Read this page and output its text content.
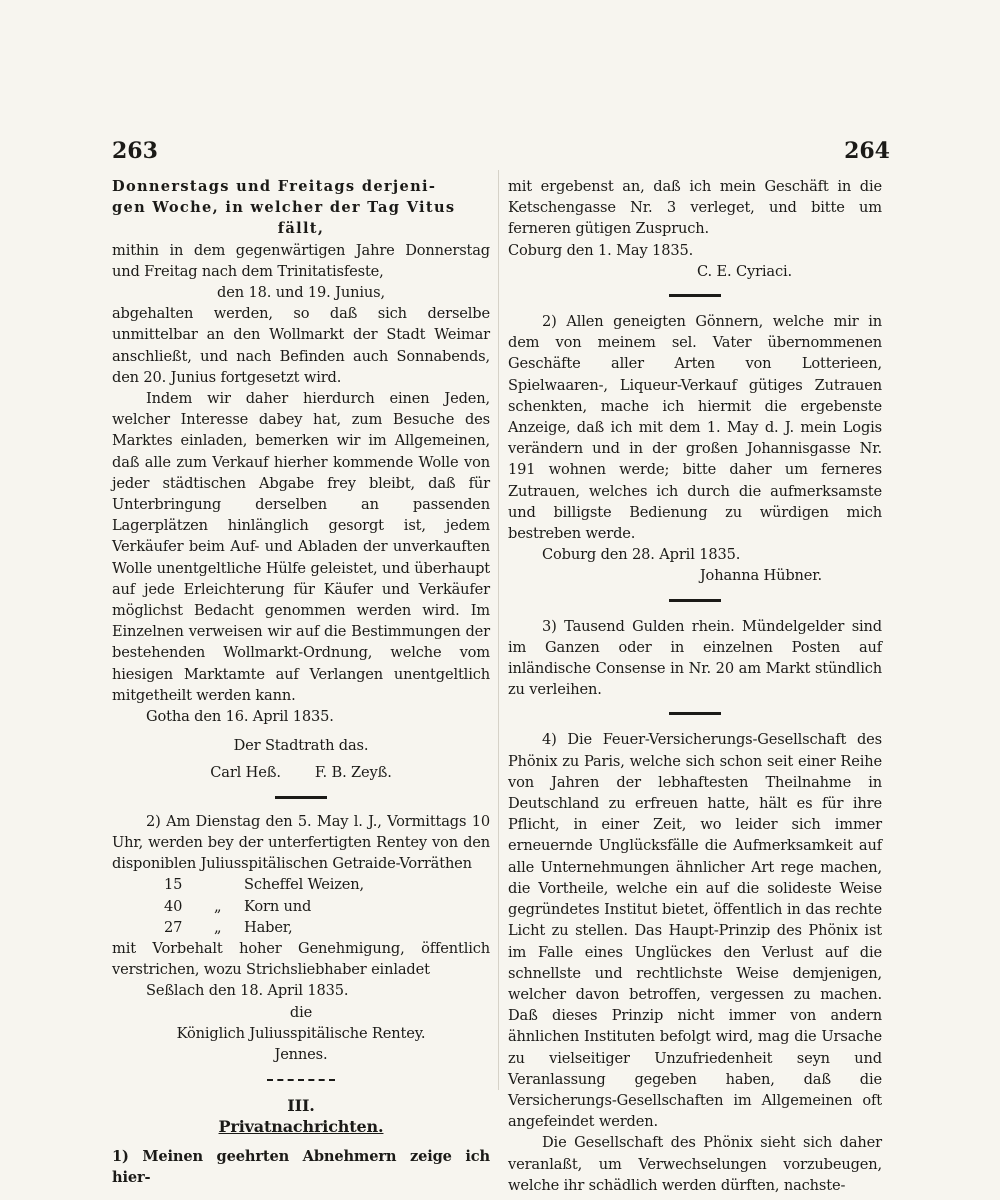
263	264

Donnerstags und Freitags derjeni-

gen Woche, in welcher der Tag Vitus

fällt,

mithin in dem gegenwärtigen Jahre Donnerstag und Freitag nach dem Trinitatisfeste,

den 18. und 19. Junius,

abgehalten werden, so daß sich derselbe unmittelbar an den Wollmarkt der Stadt Weimar anschließt, und nach Befinden auch Sonnabends, den 20. Junius fortgesetzt wird.

Indem wir daher hierdurch einen Jeden, welcher Interesse dabey hat, zum Besuche des Marktes einladen, bemerken wir im Allgemeinen, daß alle zum Verkauf hierher kommende Wolle von jeder städtischen Abgabe frey bleibt, daß für Unterbringung derselben an passenden Lagerplätzen hinlänglich gesorgt ist, jedem Verkäufer beim Auf- und Abladen der unverkauften Wolle unentgeltliche Hülfe geleistet, und überhaupt auf jede Erleichterung für Käufer und Verkäufer möglichst Bedacht genommen werden wird. Im Einzelnen verweisen wir auf die Bestimmungen der bestehenden Wollmarkt-Ordnung, welche vom hiesigen Marktamte auf Verlangen unentgeltlich mitgetheilt werden kann.

Gotha den 16. April 1835.

Der Stadtrath das.

Carl Heß. F. B. Zeyß.

2) Am Dienstag den 5. May l. J., Vormittags 10 Uhr, werden bey der unterfertigten Rentey von den disponiblen Juliusspitälischen Getraide-Vorräthen

15	Scheffel Weizen,
40	„	Korn und
27	„	Haber,

mit Vorbehalt hoher Genehmigung, öffentlich verstrichen, wozu Strichsliebhaber einladet

Seßlach den 18. April 1835.

die

Königlich Juliusspitälische Rentey.

Jennes.

III.

Privatnachrichten.

1) Meinen geehrten Abnehmern zeige ich hier-

mit ergebenst an, daß ich mein Geschäft in die Ketschengasse Nr. 3 verleget, und bitte um ferneren gütigen Zuspruch.

Coburg den 1. May 1835.

C. E. Cyriaci.

2) Allen geneigten Gönnern, welche mir in dem von meinem sel. Vater übernommenen Geschäfte aller Arten von Lotterieen, Spielwaaren-, Liqueur-Verkauf gütiges Zutrauen schenkten, mache ich hiermit die ergebenste Anzeige, daß ich mit dem 1. May d. J. mein Logis verändern und in der großen Johannisgasse Nr. 191 wohnen werde; bitte daher um ferneres Zutrauen, welches ich durch die aufmerksamste und billigste Bedienung zu würdigen mich bestreben werde.

Coburg den 28. April 1835.

Johanna Hübner.

3) Tausend Gulden rhein. Mündelgelder sind im Ganzen oder in einzelnen Posten auf inländische Consense in Nr. 20 am Markt stündlich zu verleihen.

4) Die Feuer-Versicherungs-Gesellschaft des Phönix zu Paris, welche sich schon seit einer Reihe von Jahren der lebhaftesten Theilnahme in Deutschland zu erfreuen hatte, hält es für ihre Pflicht, in einer Zeit, wo leider sich immer erneuernde Unglücksfälle die Aufmerksamkeit auf alle Unternehmungen ähnlicher Art rege machen, die Vortheile, welche ein auf die solideste Weise gegründetes Institut bietet, öffentlich in das rechte Licht zu stellen. Das Haupt-Prinzip des Phönix ist im Falle eines Unglückes den Verlust auf die schnellste und rechtlichste Weise demjenigen, welcher davon betroffen, vergessen zu machen. Daß dieses Prinzip nicht immer von andern ähnlichen Instituten befolgt wird, mag die Ursache zu vielseitiger Unzufriedenheit seyn und Veranlassung gegeben haben, daß die Versicherungs-Gesellschaften im Allgemeinen oft angefeindet werden.

Die Gesellschaft des Phönix sieht sich daher veranlaßt, um Verwechselungen vorzubeugen, welche ihr schädlich werden dürften, nachste-
